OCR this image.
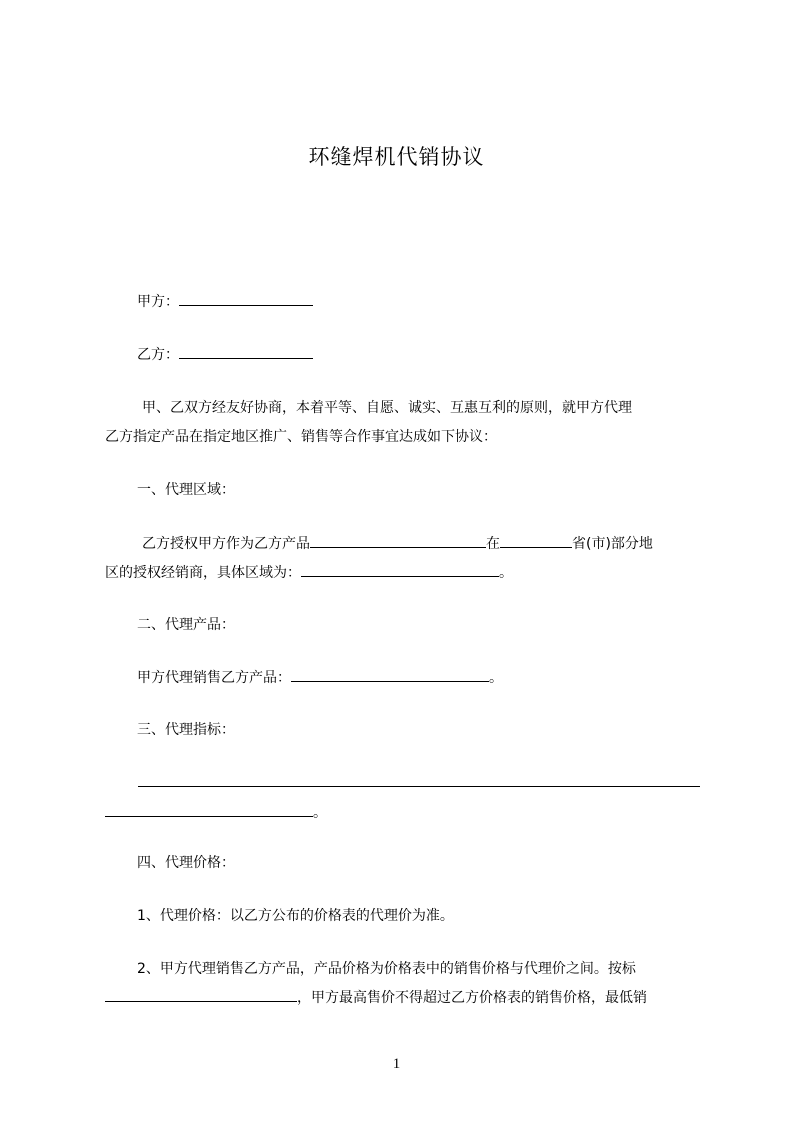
环缝焊机代销协议
甲方：
乙方：
甲、乙双方经友好协商，本着平等、自愿、诚实、互惠互利的原则，就甲方代理
乙方指定产品在指定地区推广、销售等合作事宜达成如下协议：
一、代理区域：
乙方授权甲方作为乙方产品	在	省(市)部分地
区的授权经销商，具体区域为：	。
二、代理产品：
甲方代理销售乙方产品：	。
三、代理指标：
。
四、代理价格：
1、代理价格：以乙方公布的价格表的代理价为准。
2、甲方代理销售乙方产品，产品价格为价格表中的销售价格与代理价之间。按标
，甲方最高售价不得超过乙方价格表的销售价格，最低销
1
